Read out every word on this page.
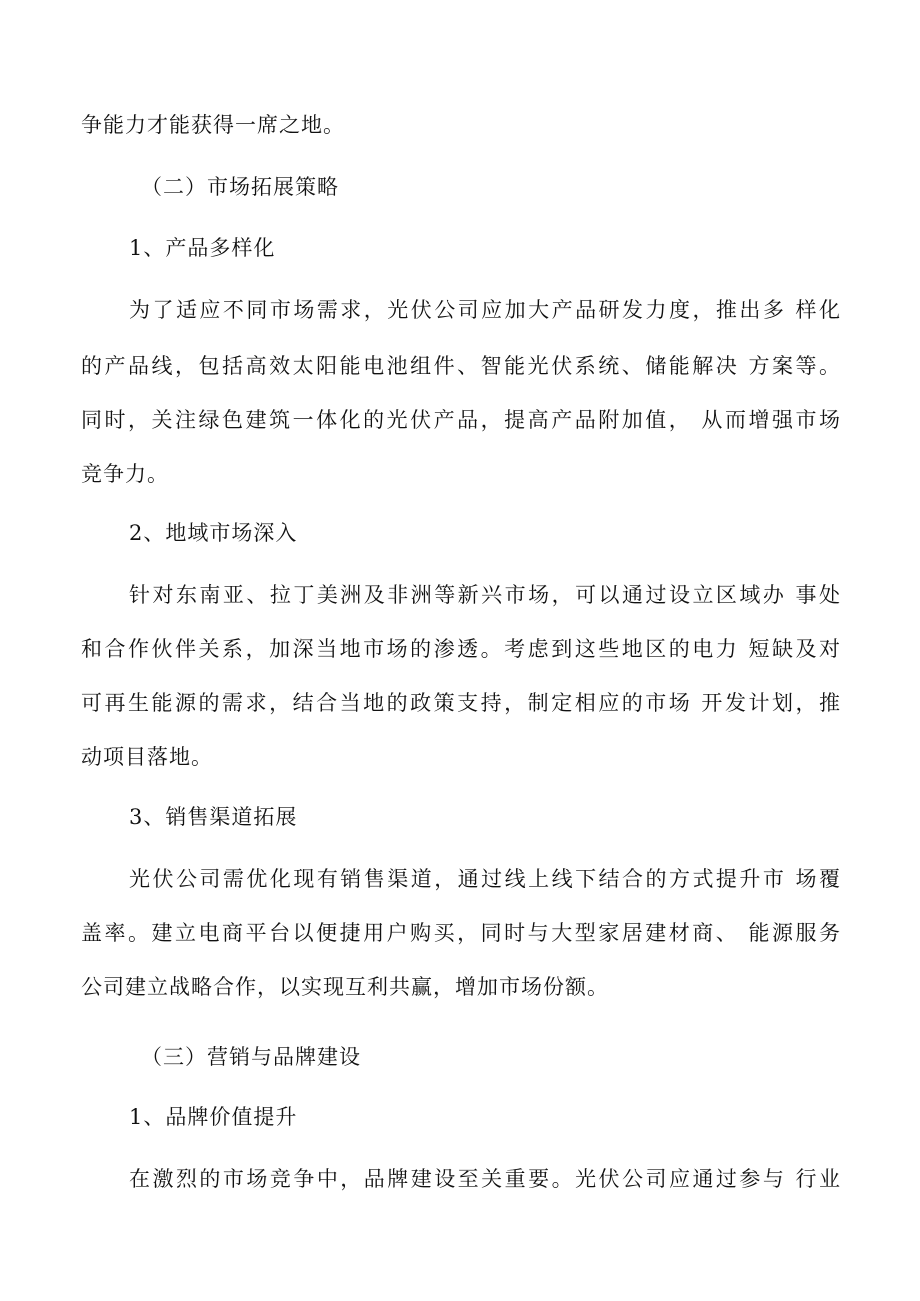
争能力才能获得一席之地。
（二）市场拓展策略
1、产品多样化
为了适应不同市场需求，光伏公司应加大产品研发力度，推出多 样化
的产品线，包括高效太阳能电池组件、智能光伏系统、储能解决 方案等。
同时，关注绿色建筑一体化的光伏产品，提高产品附加值， 从而增强市场
竞争力。
2、地域市场深入
针对东南亚、拉丁美洲及非洲等新兴市场，可以通过设立区域办 事处
和合作伙伴关系，加深当地市场的渗透。考虑到这些地区的电力 短缺及对
可再生能源的需求，结合当地的政策支持，制定相应的市场 开发计划，推
动项目落地。
3、销售渠道拓展
光伏公司需优化现有销售渠道，通过线上线下结合的方式提升市 场覆
盖率。建立电商平台以便捷用户购买，同时与大型家居建材商、 能源服务
公司建立战略合作，以实现互利共赢，增加市场份额。
（三）营销与品牌建设
1、品牌价值提升
在激烈的市场竞争中，品牌建设至关重要。光伏公司应通过参与 行业
